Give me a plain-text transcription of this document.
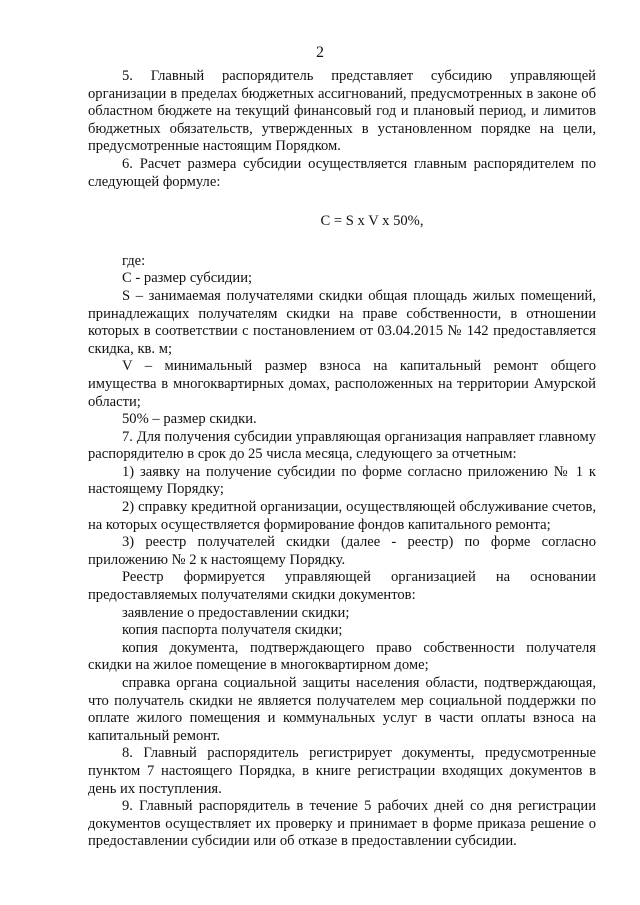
2

5. Главный распорядитель представляет субсидию управляющей организации в пределах бюджетных ассигнований, предусмотренных в законе об областном бюджете на текущий финансовый год и плановый период, и лимитов бюджетных обязательств, утвержденных в установленном порядке на цели, предусмотренные настоящим Порядком.

6. Расчет размера субсидии осуществляется главным распорядителем по следующей формуле:

С = S x V x 50%,

где:

С - размер субсидии;

S – занимаемая получателями скидки общая площадь жилых помещений, принадлежащих получателям скидки на праве собственности, в отношении которых в соответствии с постановлением от 03.04.2015 № 142 предоставляется скидка, кв. м;

V – минимальный размер взноса на капитальный ремонт общего имущества в многоквартирных домах, расположенных на территории Амурской области;

50% – размер скидки.

7. Для получения субсидии управляющая организация направляет главному распорядителю в срок до 25 числа месяца, следующего за отчетным:

1) заявку на получение субсидии по форме согласно приложению № 1 к настоящему Порядку;

2) справку кредитной организации, осуществляющей обслуживание счетов, на которых осуществляется формирование фондов капитального ремонта;

3) реестр получателей скидки (далее - реестр) по форме согласно приложению № 2 к настоящему Порядку.

Реестр формируется управляющей организацией на основании предоставляемых получателями скидки документов:

заявление о предоставлении скидки;

копия паспорта получателя скидки;

копия документа, подтверждающего право собственности получателя скидки на жилое помещение в многоквартирном доме;

справка органа социальной защиты населения области, подтверждающая, что получатель скидки не является получателем мер социальной поддержки по оплате жилого помещения и коммунальных услуг в части оплаты взноса на капитальный ремонт.

8. Главный распорядитель регистрирует документы, предусмотренные пунктом 7 настоящего Порядка, в книге регистрации входящих документов в день их поступления.

9. Главный распорядитель в течение 5 рабочих дней со дня регистрации документов осуществляет их проверку и принимает в форме приказа решение о предоставлении субсидии или об отказе в предоставлении субсидии.
